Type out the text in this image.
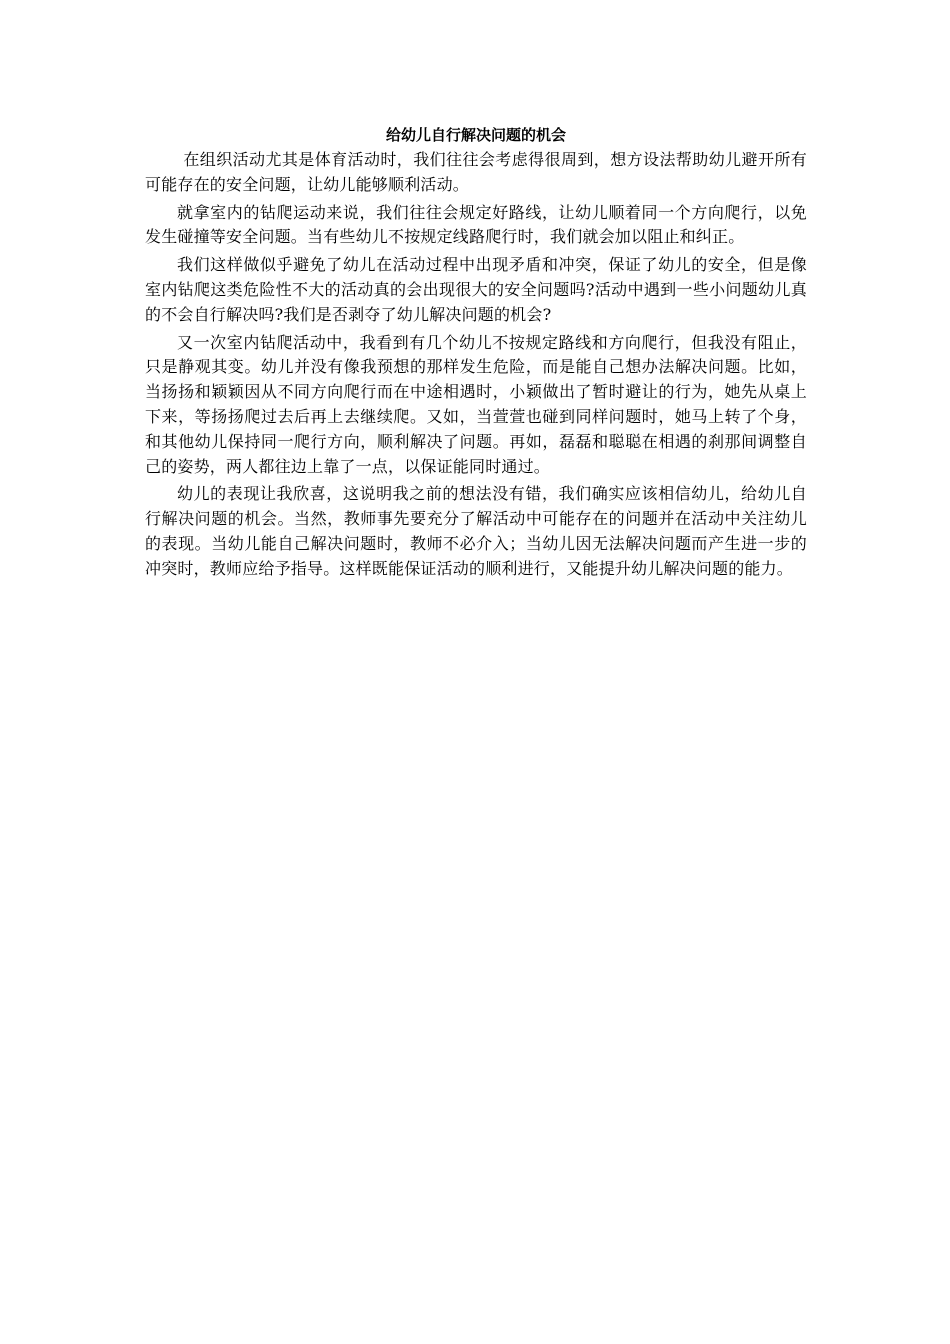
给幼儿自行解决问题的机会

在组织活动尤其是体育活动时，我们往往会考虑得很周到，想方设法帮助幼儿避开所有可能存在的安全问题，让幼儿能够顺利活动。

就拿室内的钻爬运动来说，我们往往会规定好路线，让幼儿顺着同一个方向爬行，以免发生碰撞等安全问题。当有些幼儿不按规定线路爬行时，我们就会加以阻止和纠正。

我们这样做似乎避免了幼儿在活动过程中出现矛盾和冲突，保证了幼儿的安全，但是像室内钻爬这类危险性不大的活动真的会出现很大的安全问题吗?活动中遇到一些小问题幼儿真的不会自行解决吗?我们是否剥夺了幼儿解决问题的机会?

又一次室内钻爬活动中，我看到有几个幼儿不按规定路线和方向爬行，但我没有阻止，只是静观其变。幼儿并没有像我预想的那样发生危险，而是能自己想办法解决问题。比如，当扬扬和颖颖因从不同方向爬行而在中途相遇时，小颖做出了暂时避让的行为，她先从桌上下来，等扬扬爬过去后再上去继续爬。又如，当萱萱也碰到同样问题时，她马上转了个身，和其他幼儿保持同一爬行方向，顺利解决了问题。再如，磊磊和聪聪在相遇的刹那间调整自己的姿势，两人都往边上靠了一点，以保证能同时通过。

幼儿的表现让我欣喜，这说明我之前的想法没有错，我们确实应该相信幼儿，给幼儿自行解决问题的机会。当然，教师事先要充分了解活动中可能存在的问题并在活动中关注幼儿的表现。当幼儿能自己解决问题时，教师不必介入；当幼儿因无法解决问题而产生进一步的冲突时，教师应给予指导。这样既能保证活动的顺利进行，又能提升幼儿解决问题的能力。
